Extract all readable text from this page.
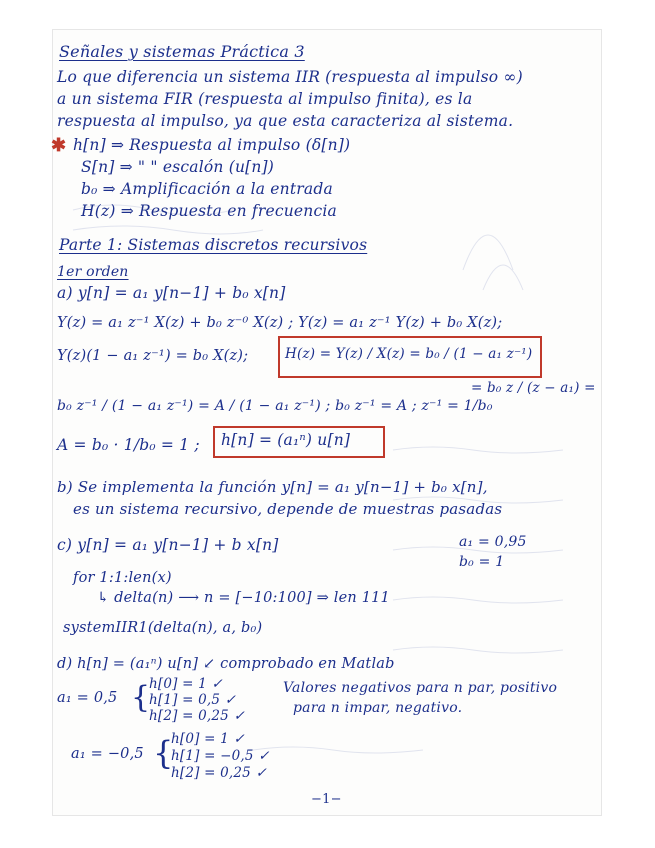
Señales y sistemas Práctica 3
Lo que diferencia un sistema IIR (respuesta al impulso ∞)
a un sistema FIR (respuesta al impulso finita), es la
respuesta al impulso, ya que esta caracteriza al sistema.
✱ h[n] ⇒ Respuesta al impulso (δ[n])
S[n] ⇒ " " escalón (u[n])
b₀ ⇒ Amplificación a la entrada
H(z) ⇒ Respuesta en frecuencia
Parte 1: Sistemas discretos recursivos
1er orden
a) y[n] = a₁ y[n−1] + b₀ x[n]
Y(z) = a₁ z⁻¹ X(z) + b₀ z⁻⁰ X(z) ; Y(z) = a₁ z⁻¹ Y(z) + b₀ X(z);
Y(z)(1 − a₁ z⁻¹) = b₀ X(z);	H(z) = Y(z) / X(z) = b₀ / (1 − a₁ z⁻¹)
= b₀ z / (z − a₁) =
b₀ z⁻¹ / (1 − a₁ z⁻¹) = A / (1 − a₁ z⁻¹) ; b₀ z⁻¹ = A ; z⁻¹ = 1/b₀
A = b₀ · 1/b₀ = 1 ; h[n] = (a₁ⁿ) u[n]
b) Se implementa la función y[n] = a₁ y[n−1] + b₀ x[n],
es un sistema recursivo, depende de muestras pasadas
c) y[n] = a₁ y[n−1] + b x[n]	a₁ = 0,95
b₀ = 1
for 1:1:len(x)
↳ delta(n) ⟶ n = [−10:100] ⇒ len 111
systemIIR1(delta(n), a, b₀)
d) h[n] = (a₁ⁿ) u[n] ↙ comprobado en Matlab
Valores negativos para n par, positivo
para n impar, negativo.
a₁ = 0,5 {
h[0] = 1 ✓
h[1] = 0,5 ✓
h[2] = 0,25 ✓
a₁ = −0,5 {
h[0] = 1 ✓
h[1] = −0,5 ✓
h[2] = 0,25 ✓
−1−
